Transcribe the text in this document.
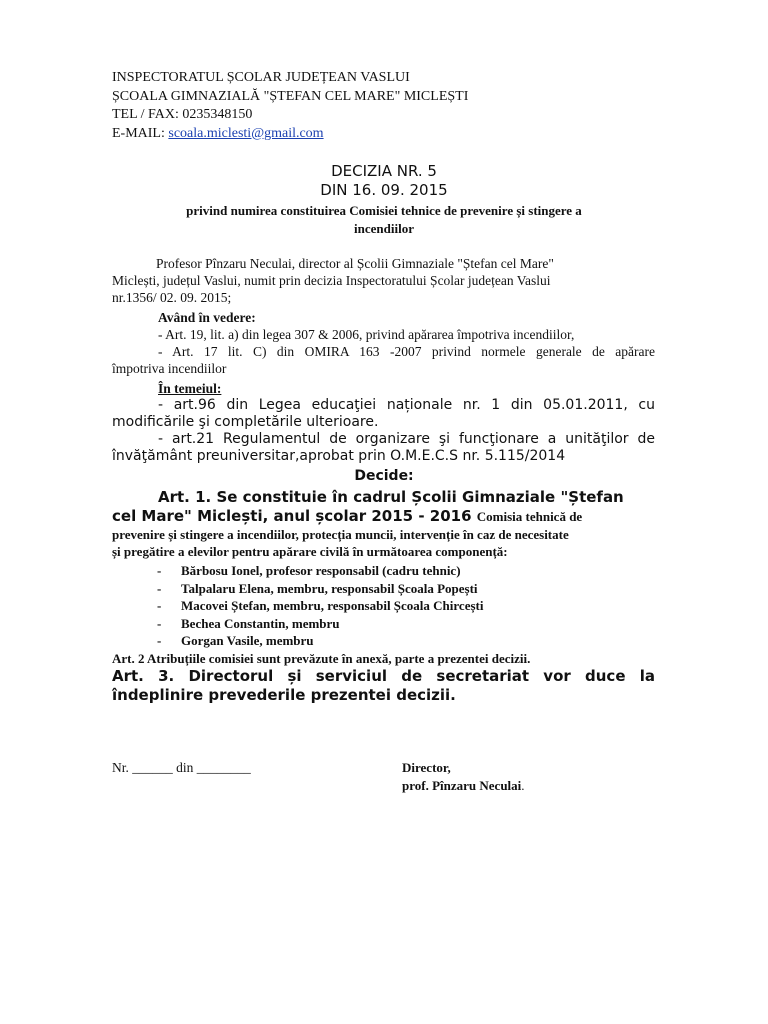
INSPECTORATUL ȘCOLAR JUDEȚEAN VASLUI
ȘCOALA GIMNAZIALĂ "ȘTEFAN CEL MARE" MICLEȘTI
TEL / FAX: 0235348150
E-MAIL: scoala.miclesti@gmail.com
DECIZIA NR. 5
DIN 16. 09. 2015
privind numirea constituirea Comisiei tehnice de prevenire și stingere a
incendiilor
Profesor Pînzaru Neculai, director al Școlii Gimnaziale "Ștefan cel Mare"
Miclești, județul Vaslui, numit prin decizia Inspectoratului Școlar județean Vaslui
nr.1356/ 02. 09. 2015;
Având în vedere:
- Art. 19, lit. a) din legea 307 & 2006, privind apărarea împotriva incendiilor,
- Art. 17 lit. C) din OMIRA 163 -2007 privind normele generale de apărare
împotriva incendiilor
În temeiul:
- art.96 din Legea educaţiei naționale nr. 1 din 05.01.2011, cu
modificările şi completările ulterioare.
- art.21 Regulamentul de organizare şi funcţionare a unităţilor de
învăţământ preuniversitar,aprobat prin O.M.E.C.S nr. 5.115/2014
Decide:
Art. 1. Se constituie în cadrul Școlii Gimnaziale "Ștefan
cel Mare" Miclești, anul școlar 2015 - 2016 Comisia tehnică de
prevenire și stingere a incendiilor, protecția muncii, intervenție în caz de necesitate
și pregătire a elevilor pentru apărare civilă în următoarea componență:
- Bărbosu Ionel, profesor responsabil (cadru tehnic)
- Talpalaru Elena, membru, responsabil Școala Popești
- Macovei Ștefan, membru, responsabil Școala Chircești
- Bechea Constantin, membru
- Gorgan Vasile, membru
Art. 2 Atribuțiile comisiei sunt prevăzute în anexă, parte a prezentei decizii.
Art. 3. Directorul și serviciul de secretariat vor duce la
îndeplinire prevederile prezentei decizii.
Nr. ______ din ________	Director,
prof. Pînzaru Neculai.
